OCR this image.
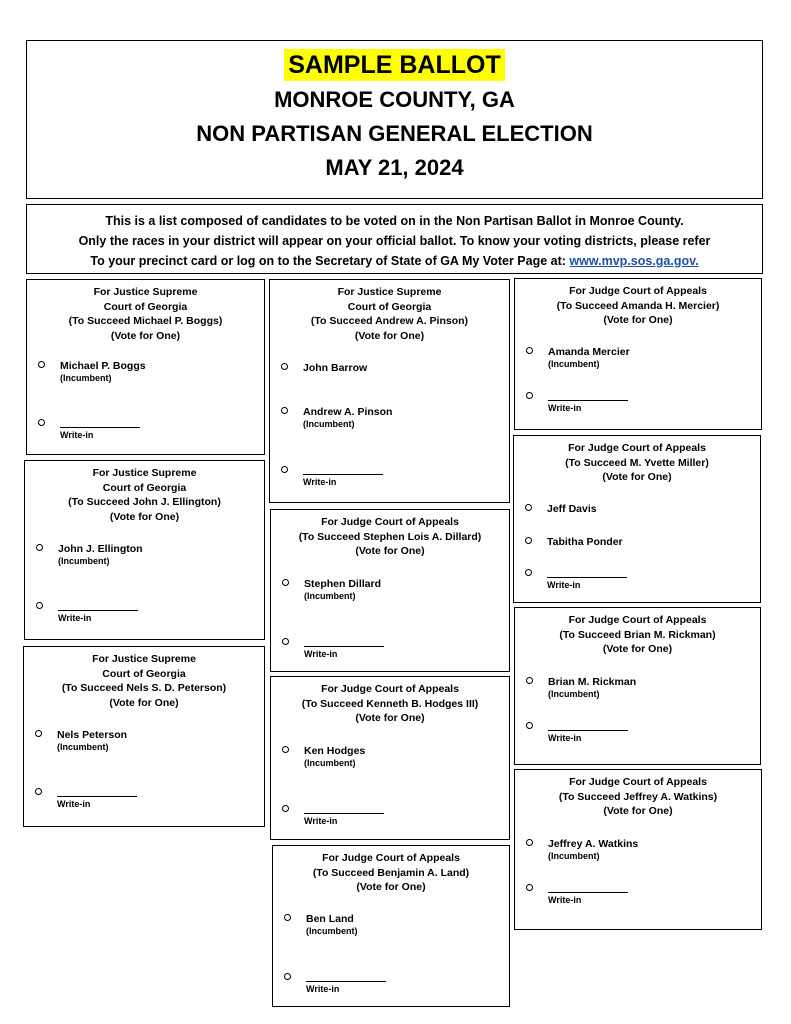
SAMPLE BALLOT
MONROE COUNTY, GA
NON PARTISAN GENERAL ELECTION
MAY 21, 2024
This is a list composed of candidates to be voted on in the Non Partisan Ballot in Monroe County.
Only the races in your district will appear on your official ballot. To know your voting districts, please refer
To your precinct card or log on to the Secretary of State of GA My Voter Page at: www.mvp.sos.ga.gov.
For Justice Supreme
Court of Georgia
(To Succeed Michael P. Boggs)
(Vote for One)
Michael P. Boggs
(Incumbent)
Write-in
For Justice Supreme
Court of Georgia
(To Succeed John J. Ellington)
(Vote for One)
John J. Ellington
(Incumbent)
Write-in
For Justice Supreme
Court of Georgia
(To Succeed Nels S. D. Peterson)
(Vote for One)
Nels Peterson
(Incumbent)
Write-in
For Justice Supreme
Court of Georgia
(To Succeed Andrew A. Pinson)
(Vote for One)
John Barrow
Andrew A. Pinson
(Incumbent)
Write-in
For Judge Court of Appeals
(To Succeed Stephen Lois A. Dillard)
(Vote for One)
Stephen Dillard
(Incumbent)
Write-in
For Judge Court of Appeals
(To Succeed Kenneth B. Hodges III)
(Vote for One)
Ken Hodges
(Incumbent)
Write-in
For Judge Court of Appeals
(To Succeed Benjamin A. Land)
(Vote for One)
Ben Land
(Incumbent)
Write-in
For Judge Court of Appeals
(To Succeed Amanda H. Mercier)
(Vote for One)
Amanda Mercier
(Incumbent)
Write-in
For Judge Court of Appeals
(To Succeed M. Yvette Miller)
(Vote for One)
Jeff Davis
Tabitha Ponder
Write-in
For Judge Court of Appeals
(To Succeed Brian M. Rickman)
(Vote for One)
Brian M. Rickman
(Incumbent)
Write-in
For Judge Court of Appeals
(To Succeed Jeffrey A. Watkins)
(Vote for One)
Jeffrey A. Watkins
(Incumbent)
Write-in
